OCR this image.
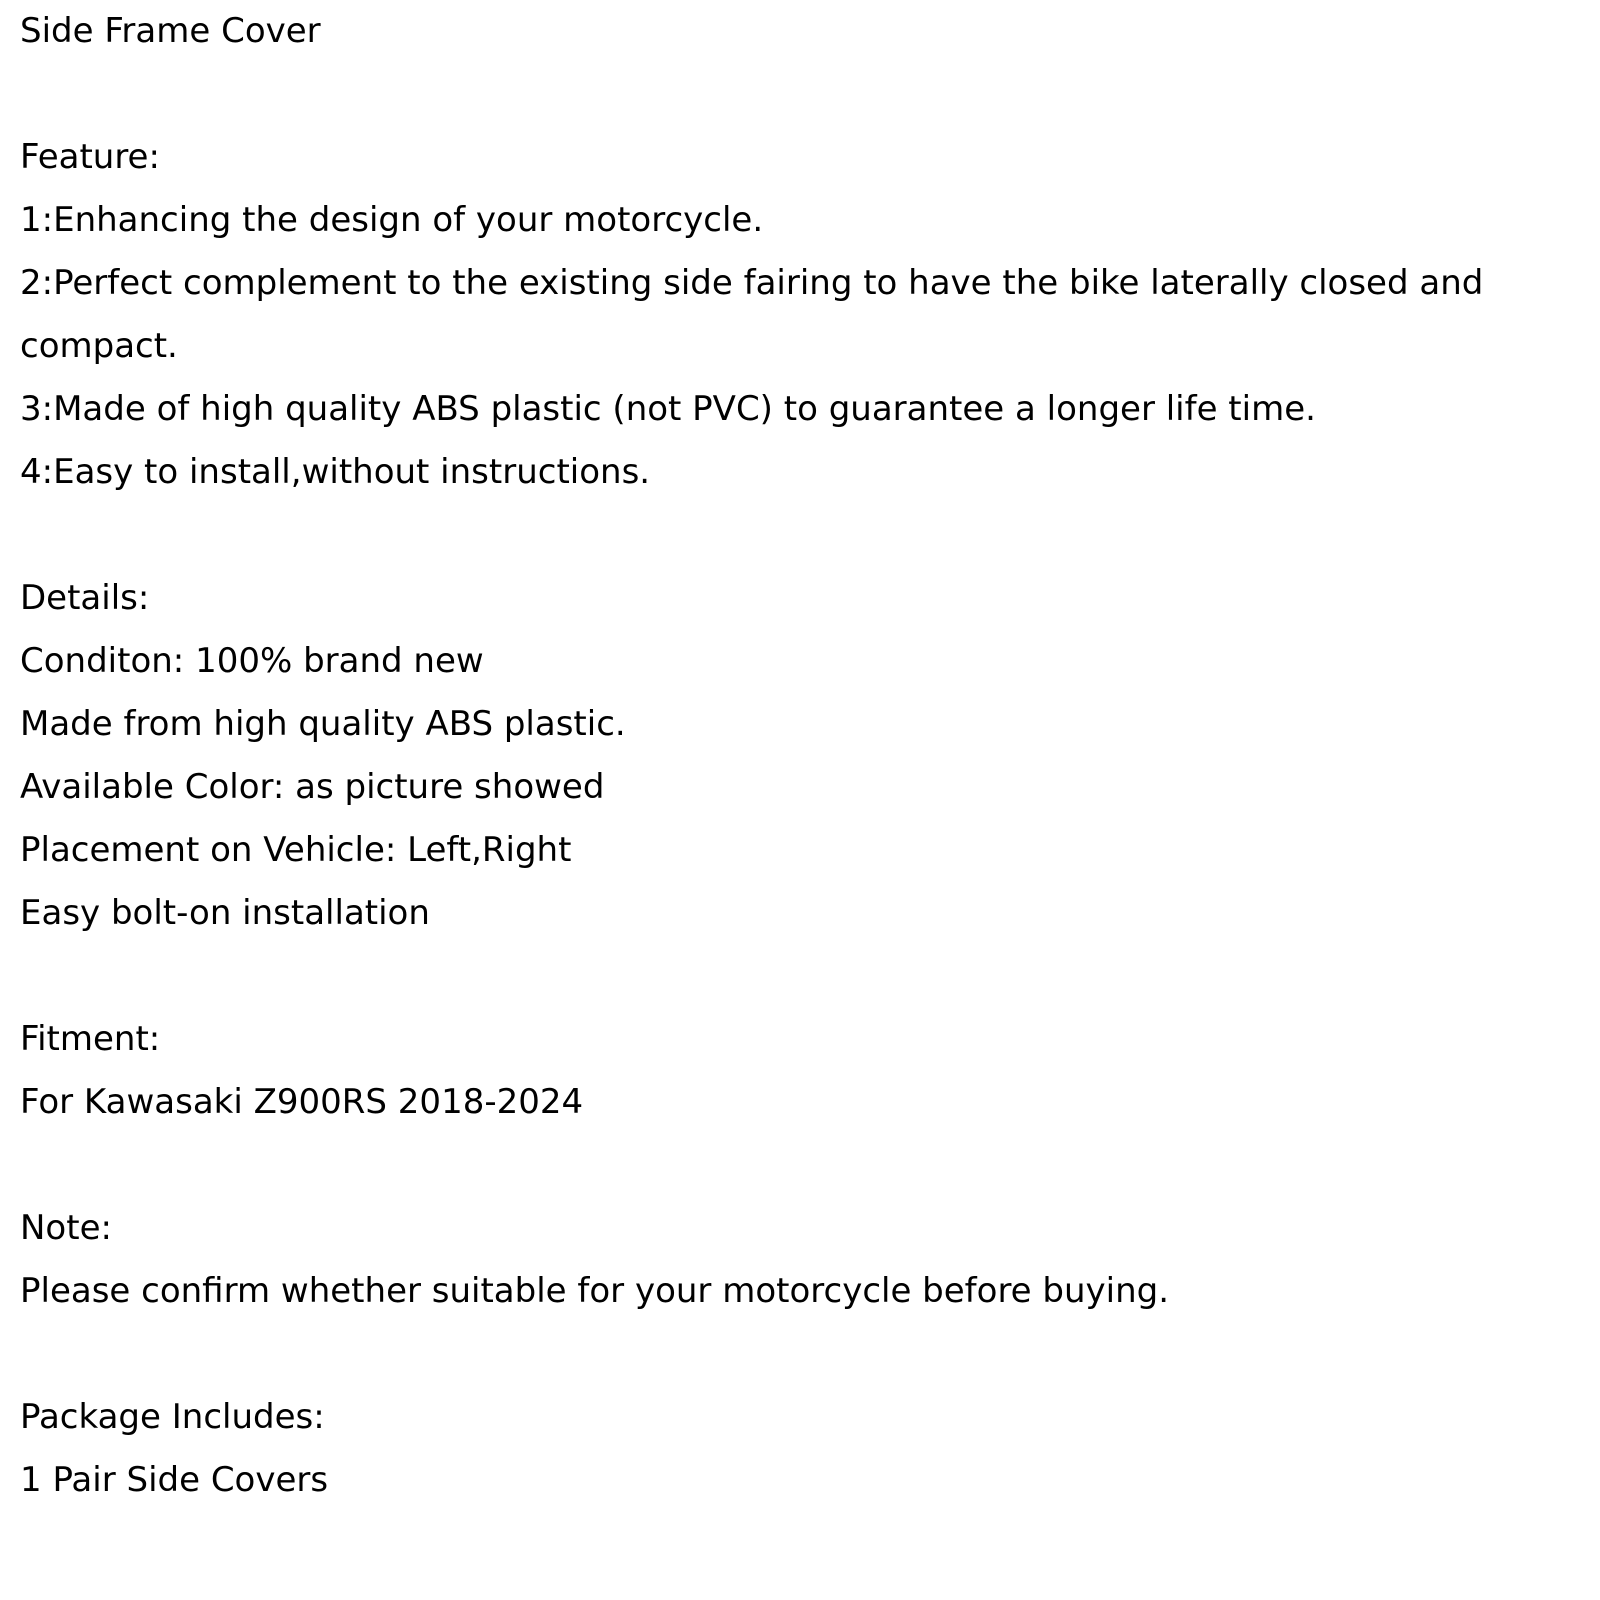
Side Frame Cover
Feature:
1:Enhancing the design of your motorcycle.
2:Perfect complement to the existing side fairing to have the bike laterally closed and compact.
3:Made of high quality ABS plastic (not PVC) to guarantee a longer life time.
4:Easy to install,without instructions.
Details:
Conditon: 100% brand new
Made from high quality ABS plastic.
Available Color: as picture showed
Placement on Vehicle: Left,Right
Easy bolt-on installation
Fitment:
For Kawasaki Z900RS 2018-2024
Note:
Please confirm whether suitable for your motorcycle before buying.
Package Includes:
1 Pair Side Covers
